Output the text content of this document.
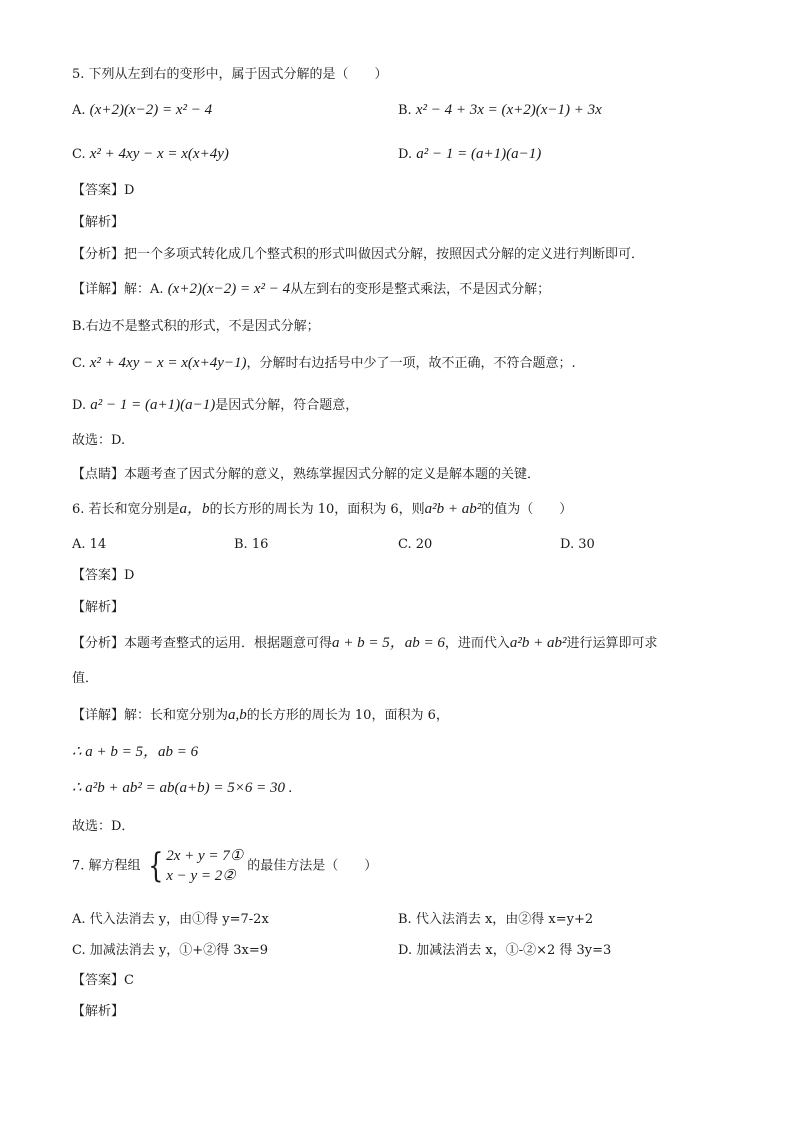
5. 下列从左到右的变形中，属于因式分解的是（　　）
A. (x+2)(x−2) = x² − 4	B. x² − 4 + 3x = (x+2)(x−1) + 3x
C. x² + 4xy − x = x(x+4y)	D. a² − 1 = (a+1)(a−1)
【答案】D
【解析】
【分析】把一个多项式转化成几个整式积的形式叫做因式分解，按照因式分解的定义进行判断即可．
【详解】解：A. (x+2)(x−2) = x² − 4从左到右的变形是整式乘法，不是因式分解；
B.右边不是整式积的形式，不是因式分解；
C. x² + 4xy − x = x(x+4y−1)，分解时右边括号中少了一项，故不正确，不符合题意；.
D. a² − 1 = (a+1)(a−1)是因式分解，符合题意，
故选：D.
【点睛】本题考查了因式分解的意义，熟练掌握因式分解的定义是解本题的关键．
6. 若长和宽分别是a，b的长方形的周长为 10，面积为 6，则a²b + ab²的值为（　　）
A. 14	B. 16	C. 20	D. 30
【答案】D
【解析】
【分析】本题考查整式的运用．根据题意可得a + b = 5，ab = 6，进而代入a²b + ab²进行运算即可求
值．
【详解】解：长和宽分别为a,b的长方形的周长为 10，面积为 6，
∴ a + b = 5，ab = 6
∴ a²b + ab² = ab(a+b) = 5×6 = 30 .
故选：D．
7. 解方程组 { 2x + y = 7①
x − y = 2②
的最佳方法是（　　）
A. 代入法消去 y，由①得 y=7-2x	B. 代入法消去 x，由②得 x=y+2
C. 加减法消去 y，①+②得 3x=9	D. 加减法消去 x，①-②×2 得 3y=3
【答案】C
【解析】
